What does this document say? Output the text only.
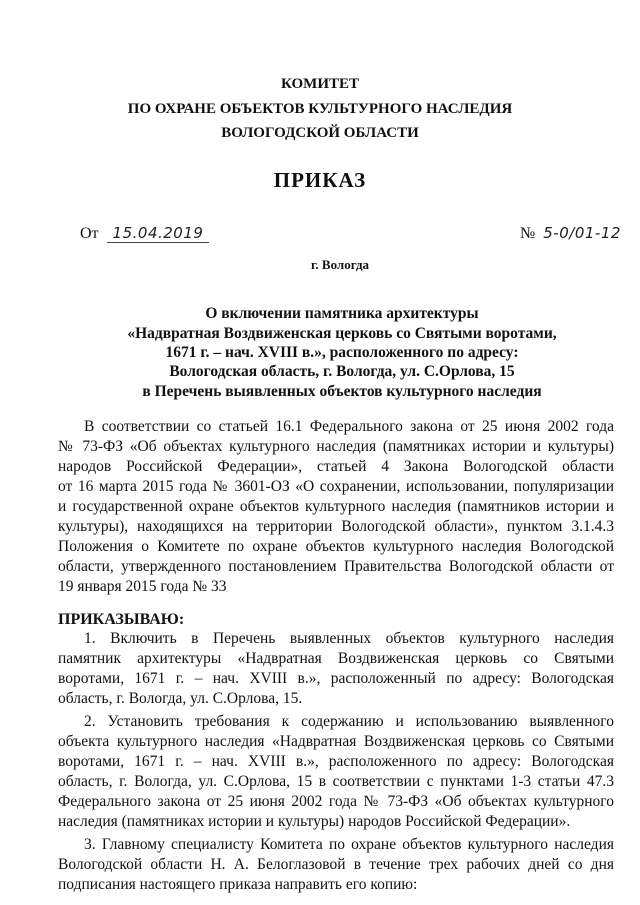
КОМИТЕТ
ПО ОХРАНЕ ОБЪЕКТОВ КУЛЬТУРНОГО НАСЛЕДИЯ
ВОЛОГОДСКОЙ ОБЛАСТИ
ПРИКАЗ
От 15.04.2019	№ 5-0/01-12
г. Вологда
О включении памятника архитектуры
«Надвратная Воздвиженская церковь со Святыми воротами,
1671 г. – нач. XVIII в.», расположенного по адресу:
Вологодская область, г. Вологда, ул. С.Орлова, 15
в Перечень выявленных объектов культурного наследия
В соответствии со статьей 16.1 Федерального закона от 25 июня 2002 года
№ 73-ФЗ «Об объектах культурного наследия (памятниках истории и культуры)
народов Российской Федерации», статьей 4 Закона Вологодской области
от 16 марта 2015 года № 3601-ОЗ «О сохранении, использовании, популяризации
и государственной охране объектов культурного наследия (памятников истории и
культуры), находящихся на территории Вологодской области», пунктом 3.1.4.3
Положения о Комитете по охране объектов культурного наследия Вологодской
области, утвержденного постановлением Правительства Вологодской области от
19 января 2015 года № 33
ПРИКАЗЫВАЮ:
1. Включить в Перечень выявленных объектов культурного наследия
памятник архитектуры «Надвратная Воздвиженская церковь со Святыми
воротами, 1671 г. – нач. XVIII в.», расположенный по адресу: Вологодская
область, г. Вологда, ул. С.Орлова, 15.
2. Установить требования к содержанию и использованию выявленного
объекта культурного наследия «Надвратная Воздвиженская церковь со Святыми
воротами, 1671 г. – нач. XVIII в.», расположенного по адресу: Вологодская
область, г. Вологда, ул. С.Орлова, 15 в соответствии с пунктами 1-3 статьи 47.3
Федерального закона от 25 июня 2002 года № 73-ФЗ «Об объектах культурного
наследия (памятниках истории и культуры) народов Российской Федерации».
3. Главному специалисту Комитета по охране объектов культурного наследия
Вологодской области Н. А. Белоглазовой в течение трех рабочих дней со дня
подписания настоящего приказа направить его копию:
